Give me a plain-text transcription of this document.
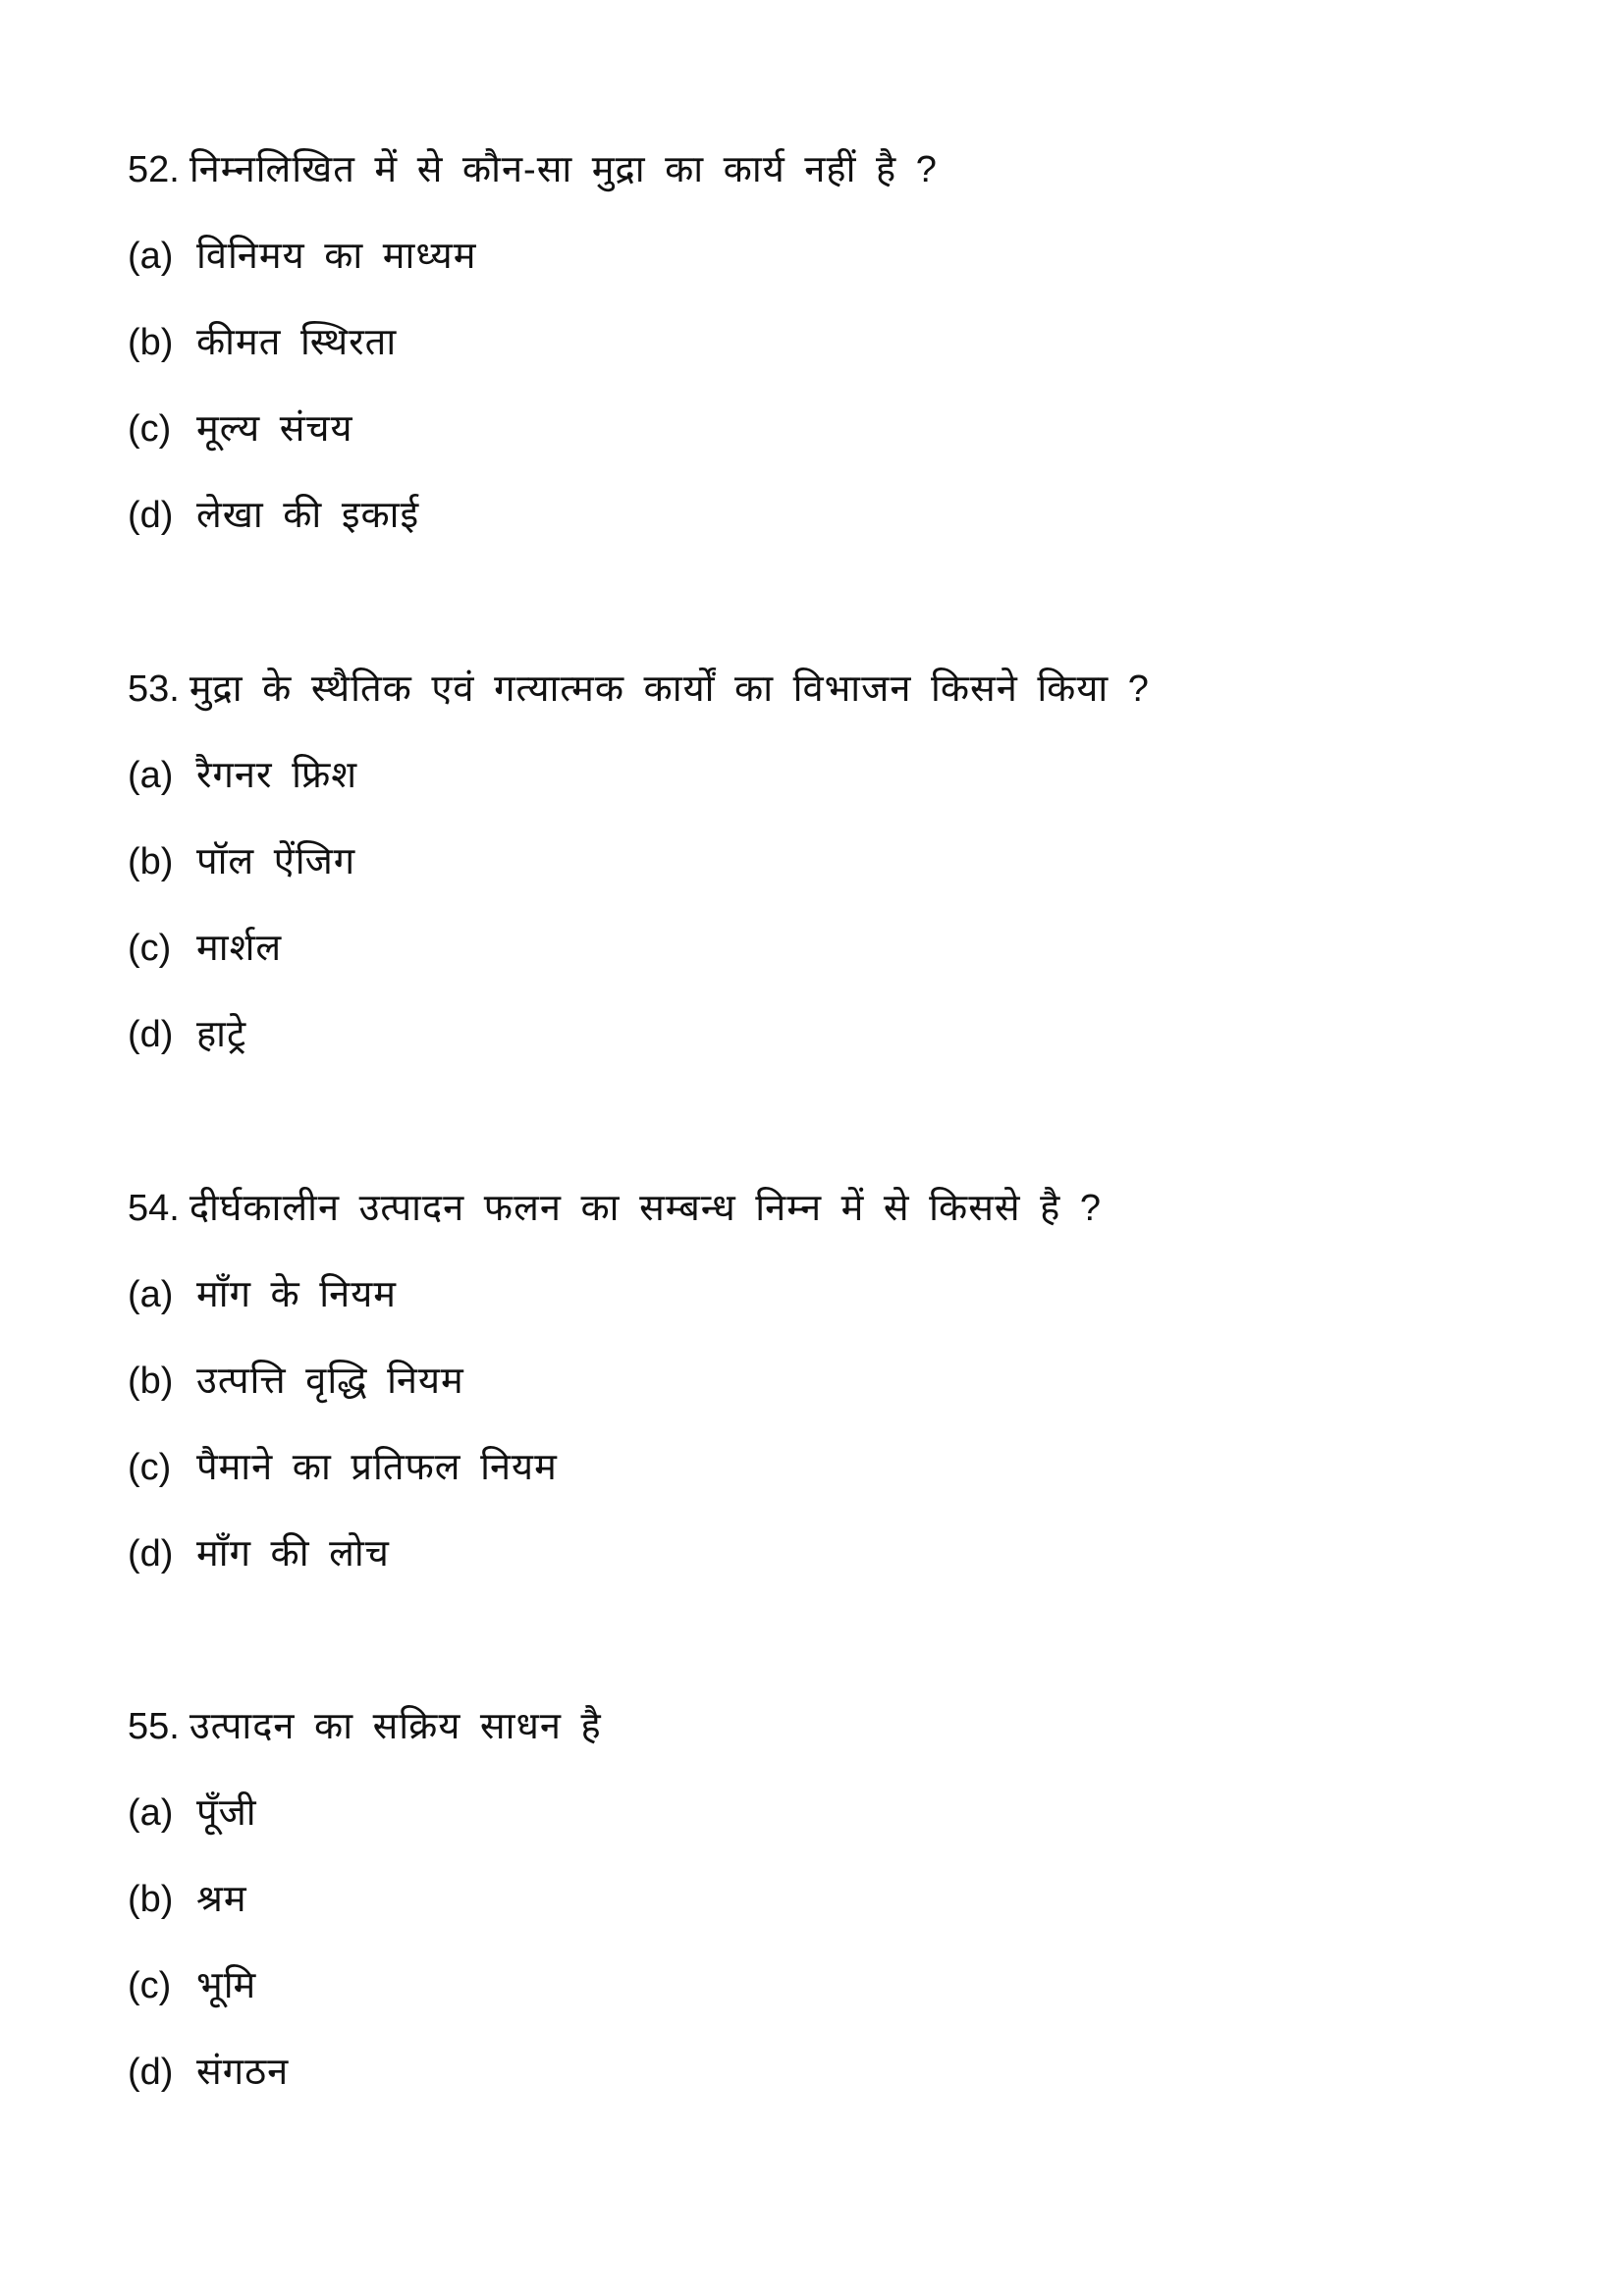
52. निम्नलिखित में से कौन-सा मुद्रा का कार्य नहीं है ?
(a) विनिमय का माध्यम
(b) कीमत स्थिरता
(c) मूल्य संचय
(d) लेखा की इकाई
53. मुद्रा के स्थैतिक एवं गत्यात्मक कार्यों का विभाजन किसने किया ?
(a) रैगनर फ्रिश
(b) पॉल ऐंजिग
(c) मार्शल
(d) हाट्रे
54. दीर्घकालीन उत्पादन फलन का सम्बन्ध निम्न में से किससे है ?
(a) माँग के नियम
(b) उत्पत्ति वृद्धि नियम
(c) पैमाने का प्रतिफल नियम
(d) माँग की लोच
55. उत्पादन का सक्रिय साधन है
(a) पूँजी
(b) श्रम
(c) भूमि
(d) संगठन
